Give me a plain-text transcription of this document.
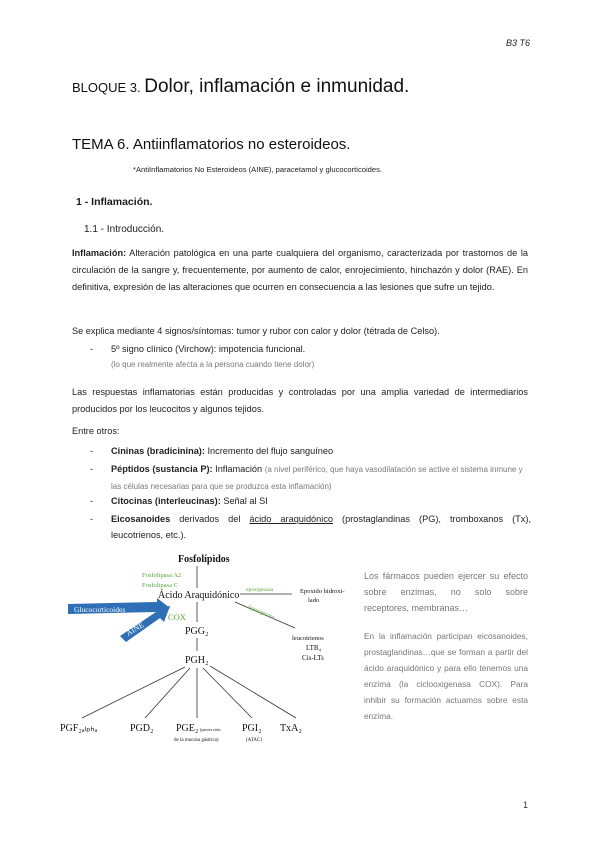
B3 T6
BLOQUE 3. Dolor, inflamación e inmunidad.
TEMA 6. Antiinflamatorios no esteroideos.
*AntiInflamatorios No Esteroideos (AINE), paracetamol y glucocorticoides.
1 - Inflamación.
1.1 - Introducción.
Inflamación: Alteración patológica en una parte cualquiera del organismo, caracterizada por trastornos de la circulación de la sangre y, frecuentemente, por aumento de calor, enrojecimiento, hinchazón y dolor (RAE). En definitiva, expresión de las alteraciones que ocurren en consecuencia a las lesiones que sufre un tejido.
Se explica mediante 4 signos/síntomas: tumor y rubor con calor y dolor (tétrada de Celso).
- 5º signo clínico (Virchow): impotencia funcional.
(lo que realmente afecta a la persona cuando tiene dolor)
Las respuestas inflamatorias están producidas y controladas por una amplia variedad de intermediarios producidos por los leucocitos y algunos tejidos.
Entre otros:
- Cininas (bradicinina): Incremento del flujo sanguíneo
- Péptidos (sustancia P): Inflamación (a nivel periférico, que haya vasodilatación se active el sistema inmune y las células necesarias para que se produzca esta inflamación)
- Citocinas (interleucinas): Señal al SI
- Eicosanoides derivados del ácido araquidónico (prostaglandinas (PG), tromboxanos (Tx), leucotrienos, etc.).
Fosfolípidos
Fosfolipasa A2
Fosfolipasa C
Ácido Araquidónico
Glucocorticoides
AINE
COX
epoxigenasa	Epoxido hidroxi-
lado
lipoxigenasa
leucotrienos
LTB₄
Cis-LTs
PGG₂
PGH₂
PGF₂ₐₗₚₕₐ	PGD₂ PGE₂ (protección
de la mucosa gástrica)
PGI₂
(ATAC)
TxA₂
Los fármacos pueden ejercer su efecto sobre enzimas, no solo sobre receptores, membranas…
En la inflamación participan eicosanoides, prostaglandinas…que se forman a partir del ácido araquidónico y para ello tenemos una enzima (la ciclooxigenasa COX). Para inhibir su formación actuamos sobre esta enzima.
1
